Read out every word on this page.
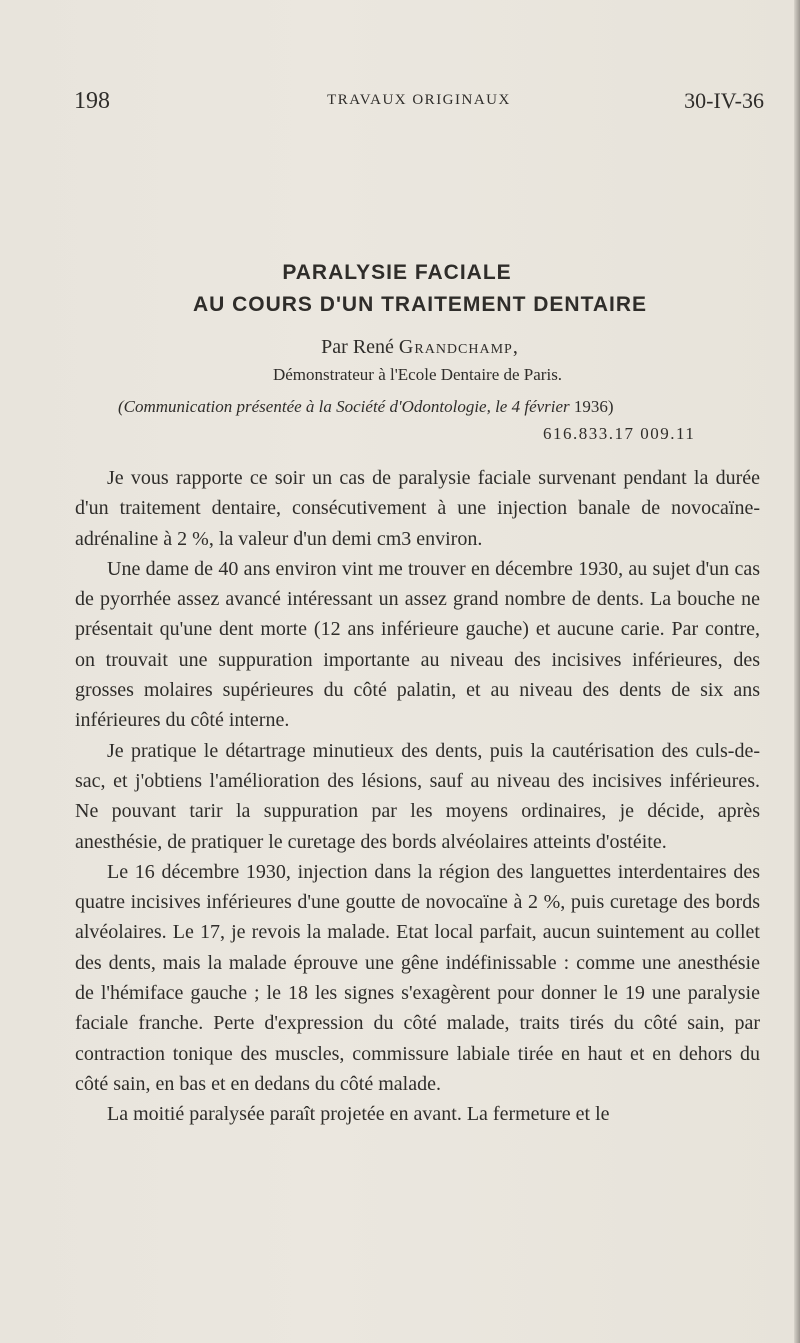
198	TRAVAUX ORIGINAUX	30-IV-36
PARALYSIE FACIALE
AU COURS D'UN TRAITEMENT DENTAIRE
Par René Grandchamp,
Démonstrateur à l'Ecole Dentaire de Paris.
(Communication présentée à la Société d'Odontologie, le 4 février 1936)
616.833.17 009.11

Je vous rapporte ce soir un cas de paralysie faciale survenant pendant la durée d'un traitement dentaire, consécutivement à une injection banale de novocaïne-adrénaline à 2 %, la valeur d'un demi cm3 environ.

Une dame de 40 ans environ vint me trouver en décembre 1930, au sujet d'un cas de pyorrhée assez avancé intéressant un assez grand nombre de dents. La bouche ne présentait qu'une dent morte (12 ans inférieure gauche) et aucune carie. Par contre, on trouvait une suppuration importante au niveau des incisives inférieures, des grosses molaires supérieures du côté palatin, et au niveau des dents de six ans inférieures du côté interne.

Je pratique le détartrage minutieux des dents, puis la cautérisation des culs-de-sac, et j'obtiens l'amélioration des lésions, sauf au niveau des incisives inférieures. Ne pouvant tarir la suppuration par les moyens ordinaires, je décide, après anesthésie, de pratiquer le curetage des bords alvéolaires atteints d'ostéite.

Le 16 décembre 1930, injection dans la région des languettes interdentaires des quatre incisives inférieures d'une goutte de novocaïne à 2 %, puis curetage des bords alvéolaires. Le 17, je revois la malade. Etat local parfait, aucun suintement au collet des dents, mais la malade éprouve une gêne indéfinissable : comme une anesthésie de l'hémiface gauche ; le 18 les signes s'exagèrent pour donner le 19 une paralysie faciale franche. Perte d'expression du côté malade, traits tirés du côté sain, par contraction tonique des muscles, commissure labiale tirée en haut et en dehors du côté sain, en bas et en dedans du côté malade.

La moitié paralysée paraît projetée en avant. La fermeture et le
